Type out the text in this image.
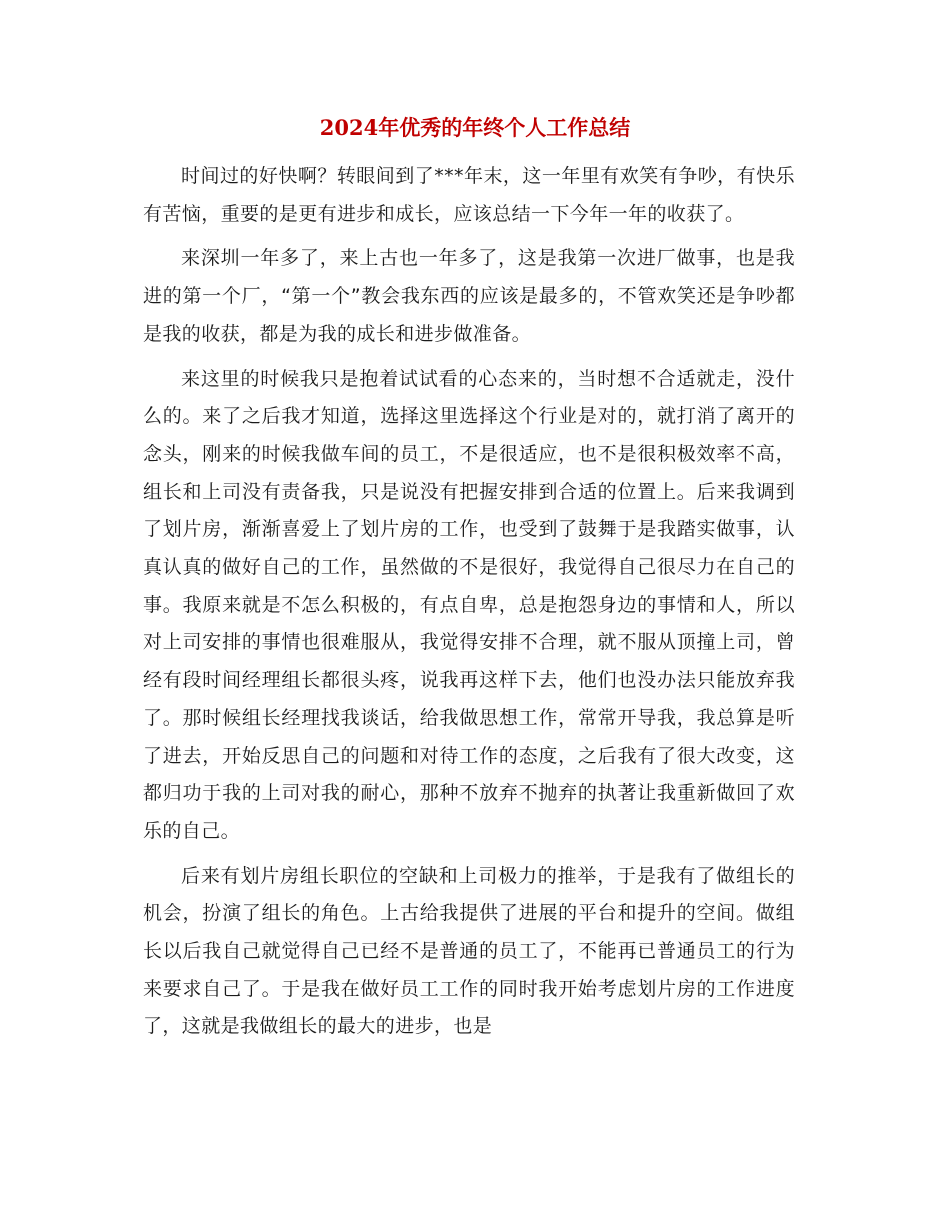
2024年优秀的年终个人工作总结

时间过的好快啊？转眼间到了***年末，这一年里有欢笑有争吵，有快乐有苦恼，重要的是更有进步和成长，应该总结一下今年一年的收获了。

来深圳一年多了，来上古也一年多了，这是我第一次进厂做事，也是我进的第一个厂，“第一个”教会我东西的应该是最多的，不管欢笑还是争吵都是我的收获，都是为我的成长和进步做准备。

来这里的时候我只是抱着试试看的心态来的，当时想不合适就走，没什么的。来了之后我才知道，选择这里选择这个行业是对的，就打消了离开的念头，刚来的时候我做车间的员工，不是很适应，也不是很积极效率不高，组长和上司没有责备我，只是说没有把握安排到合适的位置上。后来我调到了划片房，渐渐喜爱上了划片房的工作，也受到了鼓舞于是我踏实做事，认真认真的做好自己的工作，虽然做的不是很好，我觉得自己很尽力在自己的事。我原来就是不怎么积极的，有点自卑，总是抱怨身边的事情和人，所以对上司安排的事情也很难服从，我觉得安排不合理，就不服从顶撞上司，曾经有段时间经理组长都很头疼，说我再这样下去，他们也没办法只能放弃我了。那时候组长经理找我谈话，给我做思想工作，常常开导我，我总算是听了进去，开始反思自己的问题和对待工作的态度，之后我有了很大改变，这都归功于我的上司对我的耐心，那种不放弃不抛弃的执著让我重新做回了欢乐的自己。

后来有划片房组长职位的空缺和上司极力的推举，于是我有了做组长的机会，扮演了组长的角色。上古给我提供了进展的平台和提升的空间。做组长以后我自己就觉得自己已经不是普通的员工了，不能再已普通员工的行为来要求自己了。于是我在做好员工工作的同时我开始考虑划片房的工作进度了，这就是我做组长的最大的进步，也是
